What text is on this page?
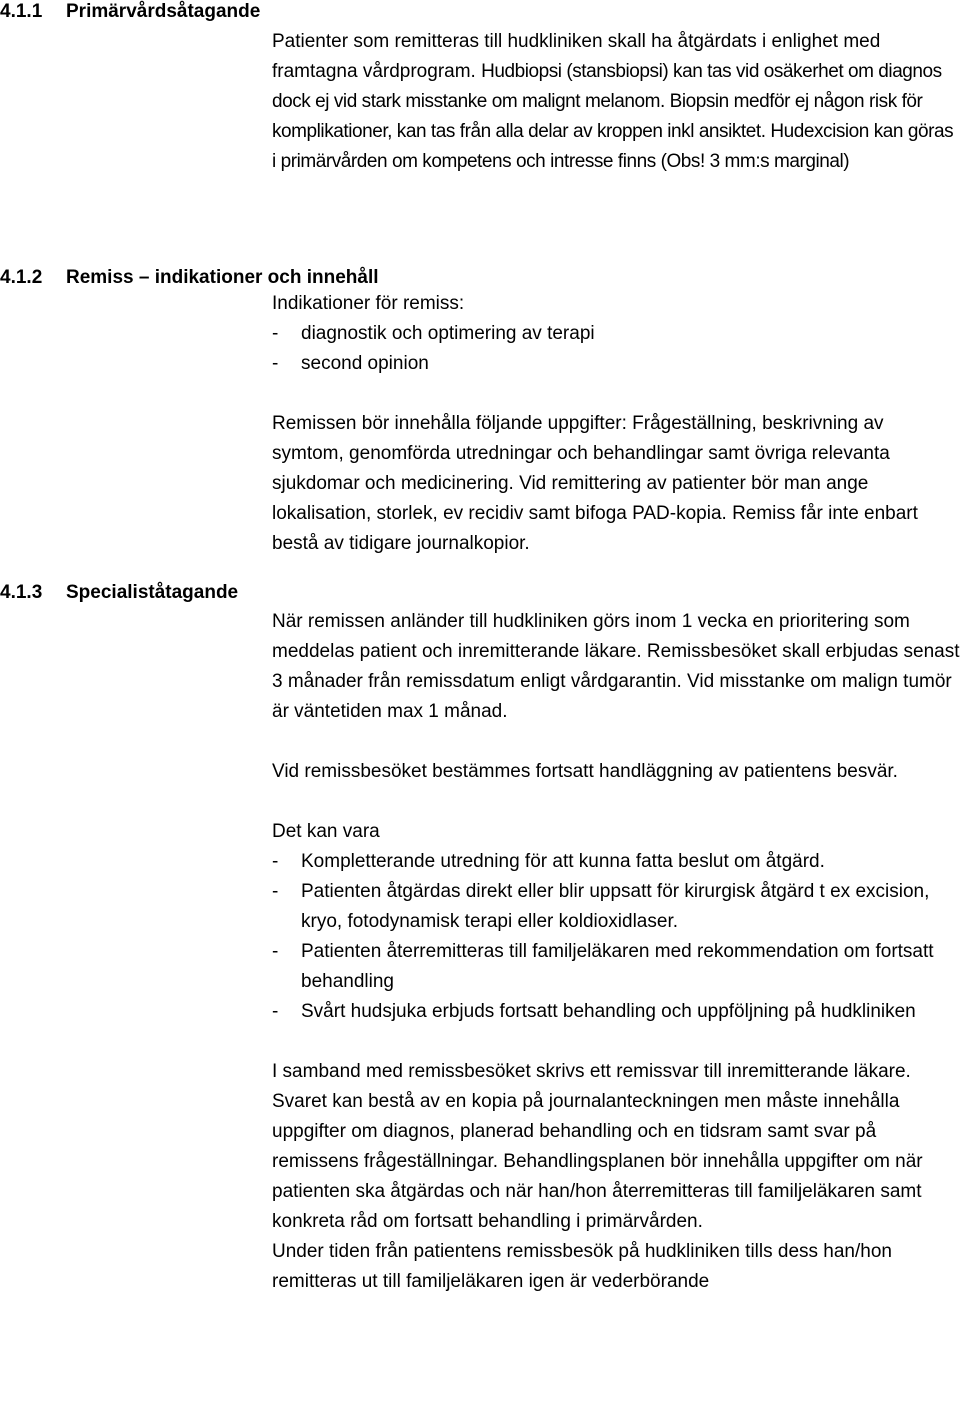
4.1.1 Primärvårdsåtagande

Patienter som remitteras till hudkliniken skall ha åtgärdats i enlighet med framtagna vårdprogram. Hudbiopsi (stansbiopsi) kan tas vid osäkerhet om diagnos dock ej vid stark misstanke om malignt melanom. Biopsin medför ej någon risk för komplikationer, kan tas från alla delar av kroppen inkl ansiktet. Hudexcision kan göras i primärvården om kompetens och intresse finns (Obs! 3 mm:s marginal)

4.1.2 Remiss – indikationer och innehåll

Indikationer för remiss:

- diagnostik och optimering av terapi
- second opinion

Remissen bör innehålla följande uppgifter: Frågeställning, beskrivning av symtom, genomförda utredningar och behandlingar samt övriga relevanta sjukdomar och medicinering. Vid remittering av patienter bör man ange lokalisation, storlek, ev recidiv samt bifoga PAD-kopia. Remiss får inte enbart bestå av tidigare journalkopior.

4.1.3 Specialiståtagande

När remissen anländer till hudkliniken görs inom 1 vecka en prioritering som meddelas patient och inremitterande läkare. Remissbesöket skall erbjudas senast 3 månader från remissdatum enligt vårdgarantin. Vid misstanke om malign tumör är väntetiden max 1 månad.

Vid remissbesöket bestämmes fortsatt handläggning av patientens besvär.

Det kan vara

- Kompletterande utredning för att kunna fatta beslut om åtgärd.
- Patienten åtgärdas direkt eller blir uppsatt för kirurgisk åtgärd t ex excision, kryo, fotodynamisk terapi eller koldioxidlaser.
- Patienten återremitteras till familjeläkaren med rekommendation om fortsatt behandling
- Svårt hudsjuka erbjuds fortsatt behandling och uppföljning på hudkliniken

I samband med remissbesöket skrivs ett remissvar till inremitterande läkare. Svaret kan bestå av en kopia på journalanteckningen men måste innehålla uppgifter om diagnos, planerad behandling och en tidsram samt svar på remissens frågeställningar. Behandlingsplanen bör innehålla uppgifter om när patienten ska åtgärdas och när han/hon återremitteras till familjeläkaren samt konkreta råd om fortsatt behandling i primärvården.

Under tiden från patientens remissbesök på hudkliniken tills dess han/hon remitteras ut till familjeläkaren igen är vederbörande
